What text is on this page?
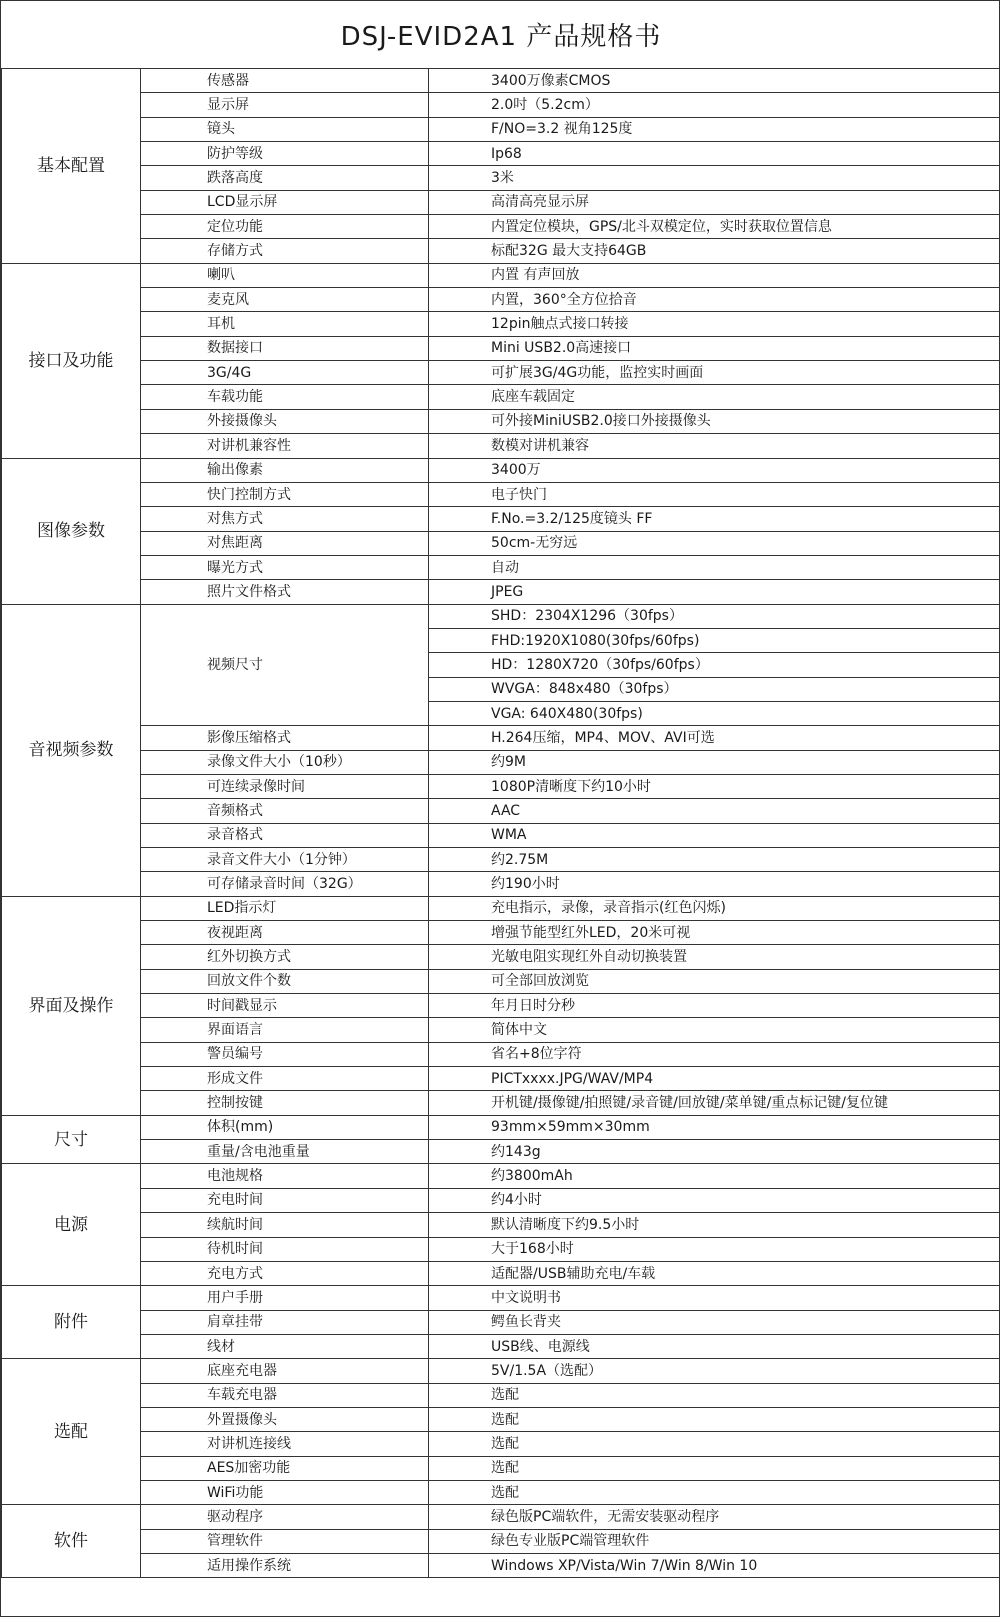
DSJ-EVID2A1 产品规格书
基本配置	传感器	3400万像素CMOS
	显示屏	2.0吋（5.2cm）
	镜头	F/NO=3.2 视角125度
	防护等级	Ip68
	跌落高度	3米
	LCD显示屏	高清高亮显示屏
	定位功能	内置定位模块，GPS/北斗双模定位，实时获取位置信息
	存储方式	标配32G 最大支持64GB
接口及功能	喇叭	内置 有声回放
	麦克风	内置，360°全方位拾音
	耳机	12pin触点式接口转接
	数据接口	Mini USB2.0高速接口
	3G/4G	可扩展3G/4G功能，监控实时画面
	车载功能	底座车载固定
	外接摄像头	可外接MiniUSB2.0接口外接摄像头
	对讲机兼容性	数模对讲机兼容
图像参数	输出像素	3400万
	快门控制方式	电子快门
	对焦方式	F.No.=3.2/125度镜头 FF
	对焦距离	50cm-无穷远
	曝光方式	自动
	照片文件格式	JPEG
音视频参数	视频尺寸	SHD：2304X1296（30fps）
		FHD:1920X1080(30fps/60fps)
		HD：1280X720（30fps/60fps）
		WVGA：848x480（30fps）
		VGA: 640X480(30fps)
	影像压缩格式	H.264压缩，MP4、MOV、AVI可选
	录像文件大小（10秒）	约9M
	可连续录像时间	1080P清晰度下约10小时
	音频格式	AAC
	录音格式	WMA
	录音文件大小（1分钟）	约2.75M
	可存储录音时间（32G）	约190小时
界面及操作	LED指示灯	充电指示，录像，录音指示(红色闪烁)
	夜视距离	增强节能型红外LED，20米可视
	红外切换方式	光敏电阻实现红外自动切换装置
	回放文件个数	可全部回放浏览
	时间戳显示	年月日时分秒
	界面语言	简体中文
	警员编号	省名+8位字符
	形成文件	PICTxxxx.JPG/WAV/MP4
	控制按键	开机键/摄像键/拍照键/录音键/回放键/菜单键/重点标记键/复位键
尺寸	体积(mm)	93mm×59mm×30mm
	重量/含电池重量	约143g
电源	电池规格	约3800mAh
	充电时间	约4小时
	续航时间	默认清晰度下约9.5小时
	待机时间	大于168小时
	充电方式	适配器/USB辅助充电/车载
附件	用户手册	中文说明书
	肩章挂带	鳄鱼长背夹
	线材	USB线、电源线
选配	底座充电器	5V/1.5A（选配）
	车载充电器	选配
	外置摄像头	选配
	对讲机连接线	选配
	AES加密功能	选配
	WiFi功能	选配
软件	驱动程序	绿色版PC端软件，无需安装驱动程序
	管理软件	绿色专业版PC端管理软件
	适用操作系统	Windows XP/Vista/Win 7/Win 8/Win 10
